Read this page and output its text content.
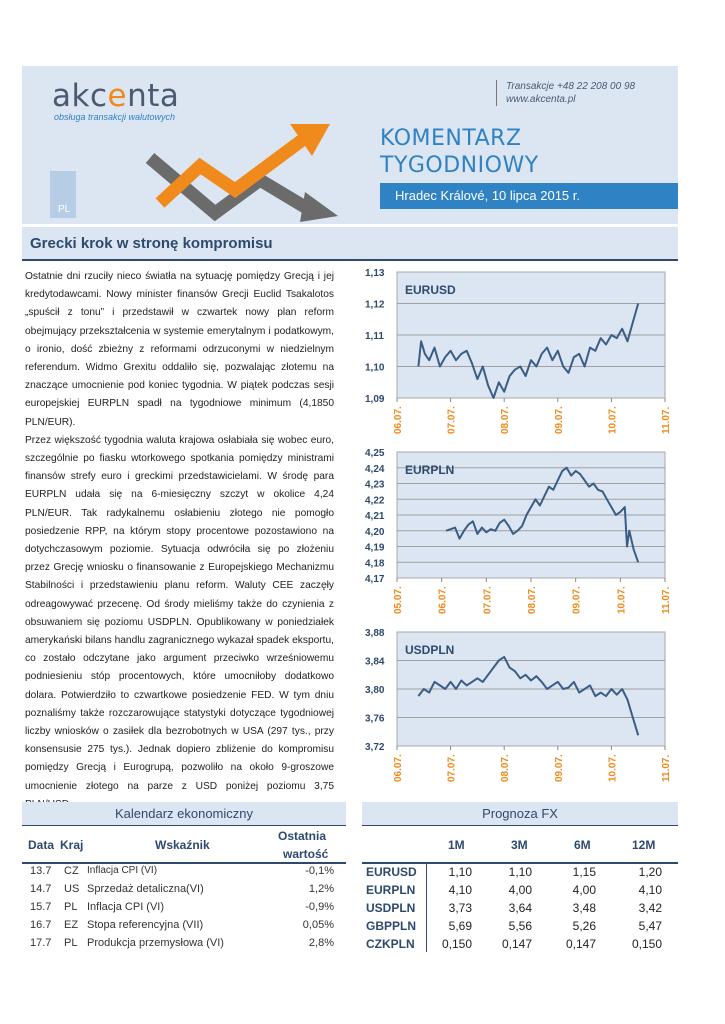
akcenta
obsługa transakcji walutowych
Transakcje +48 22 208 00 98
www.akcenta.pl
KOMENTARZ
TYGODNIOWY
Hradec Králové, 10 lipca 2015 r.
PL
Grecki krok w stronę kompromisu

Ostatnie dni rzuciły nieco światła na sytuację pomiędzy Grecją i jej kredytodawcami. Nowy minister finansów Grecji Euclid Tsakalotos „spuścił z tonu” i przedstawił w czwartek nowy plan reform obejmujący przekształcenia w systemie emerytalnym i podatkowym, o ironio, dość zbieżny z reformami odrzuconymi w niedzielnym referendum. Widmo Grexitu oddaliło się, pozwalając złotemu na znaczące umocnienie pod koniec tygodnia. W piątek podczas sesji europejskiej EURPLN spadł na tygodniowe minimum (4,1850 PLN/EUR).

Przez większość tygodnia waluta krajowa osłabiała się wobec euro, szczególnie po fiasku wtorkowego spotkania pomiędzy ministrami finansów strefy euro i greckimi przedstawicielami. W środę para EURPLN udała się na 6-miesięczny szczyt w okolice 4,24 PLN/EUR. Tak radykalnemu osłabieniu złotego nie pomogło posiedzenie RPP, na którym stopy procentowe pozostawiono na dotychczasowym poziomie. Sytuacja odwróciła się po złożeniu przez Grecję wniosku o finansowanie z Europejskiego Mechanizmu Stabilności i przedstawieniu planu reform. Waluty CEE zaczęły odreagowywać przecenę. Od środy mieliśmy także do czynienia z obsuwaniem się poziomu USDPLN. Opublikowany w poniedziałek amerykański bilans handlu zagranicznego wykazał spadek eksportu, co zostało odczytane jako argument przeciwko wrześniowemu podniesieniu stóp procentowych, które umocniłoby dodatkowo dolara. Potwierdziło to czwartkowe posiedzenie FED. W tym dniu poznaliśmy także rozczarowujące statystyki dotyczące tygodniowej liczby wniosków o zasiłek dla bezrobotnych w USA (297 tys., przy konsensusie 275 tys.). Jednak dopiero zbliżenie do kompromisu pomiędzy Grecją i Eurogrupą, pozwoliło na około 9-groszowe umocnienie złotego na parze z USD poniżej poziomu 3,75

1,13
1,12
1,11
1,10
1,09
06.07.	07.07.	08.07.	09.07.	10.07.	11.07.
EURUSD
4,25
4,24
4,23
4,22
4,21
4,20
4,19
4,18
4,17
05.07.	06.07.	07.07.	08.07.	09.07.	10.07.	11.07.
EURPLN
3,88
3,84
3,80
3,76
3,72
06.07.	07.07.	08.07.	09.07.	10.07.	11.07.
USDPLN
Kalendarz ekonomiczny
Data Kraj	Wskaźnik
Ostatnia
wartość
13.7 CZ Inflacja CPI (VI)	-0,1%
14.7 US Sprzedaż detaliczna(VI)	1,2%
15.7 PL Inflacja CPI (VI)	-0,9%
16.7 EZ Stopa referencyjna (VII)	0,05%
17.7 PL Produkcja przemysłowa (VI)	2,8%
Prognoza FX
1M	3M	6M	12M
EURUSD	1,10	1,10	1,15	1,20
EURPLN	4,10	4,00	4,00	4,10
USDPLN	3,73	3,64	3,48	3,42
GBPPLN	5,69	5,56	5,26	5,47
CZKPLN	0,150	0,147	0,147	0,150
